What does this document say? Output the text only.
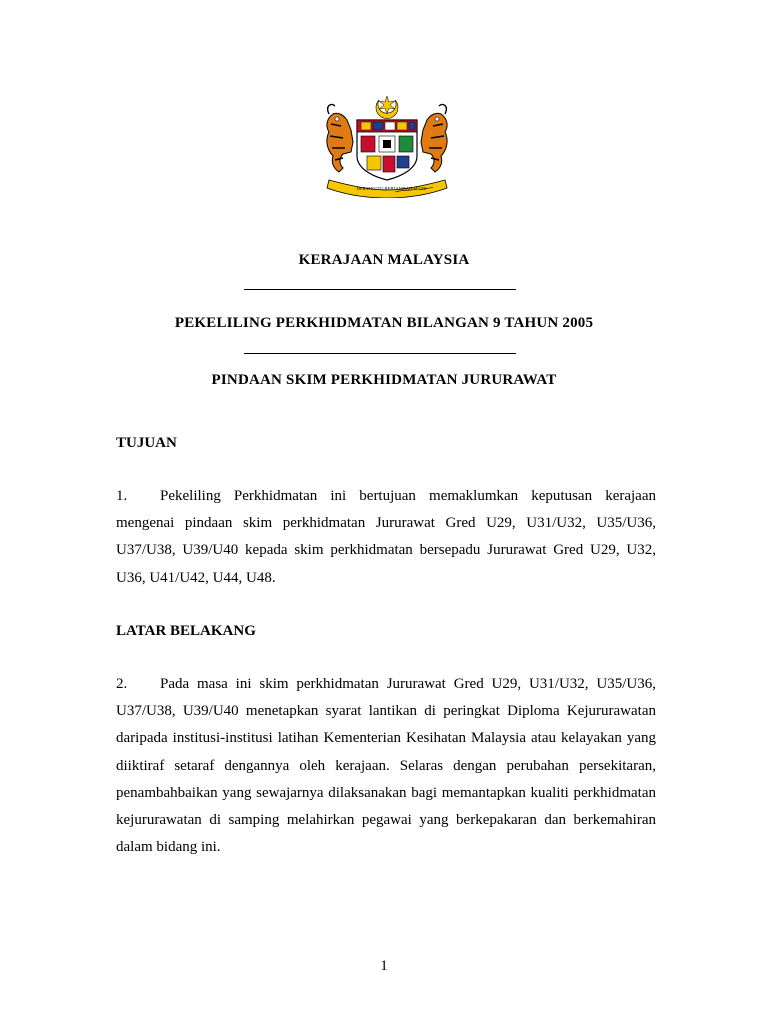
BERSEKUTU BERTAMBAH MUTU
KERAJAAN MALAYSIA
PEKELILING PERKHIDMATAN BILANGAN 9 TAHUN 2005
PINDAAN SKIM PERKHIDMATAN JURURAWAT
TUJUAN
1. Pekeliling Perkhidmatan ini bertujuan memaklumkan keputusan kerajaan mengenai pindaan skim perkhidmatan Jururawat Gred U29, U31/U32, U35/U36, U37/U38, U39/U40 kepada skim perkhidmatan bersepadu Jururawat Gred U29, U32, U36, U41/U42, U44, U48.
LATAR BELAKANG
2. Pada masa ini skim perkhidmatan Jururawat Gred U29, U31/U32, U35/U36, U37/U38, U39/U40 menetapkan syarat lantikan di peringkat Diploma Kejururawatan daripada institusi-institusi latihan Kementerian Kesihatan Malaysia atau kelayakan yang diiktiraf setaraf dengannya oleh kerajaan. Selaras dengan perubahan persekitaran, penambahbaikan yang sewajarnya dilaksanakan bagi memantapkan kualiti perkhidmatan kejururawatan di samping melahirkan pegawai yang berkepakaran dan berkemahiran dalam bidang ini.
1
